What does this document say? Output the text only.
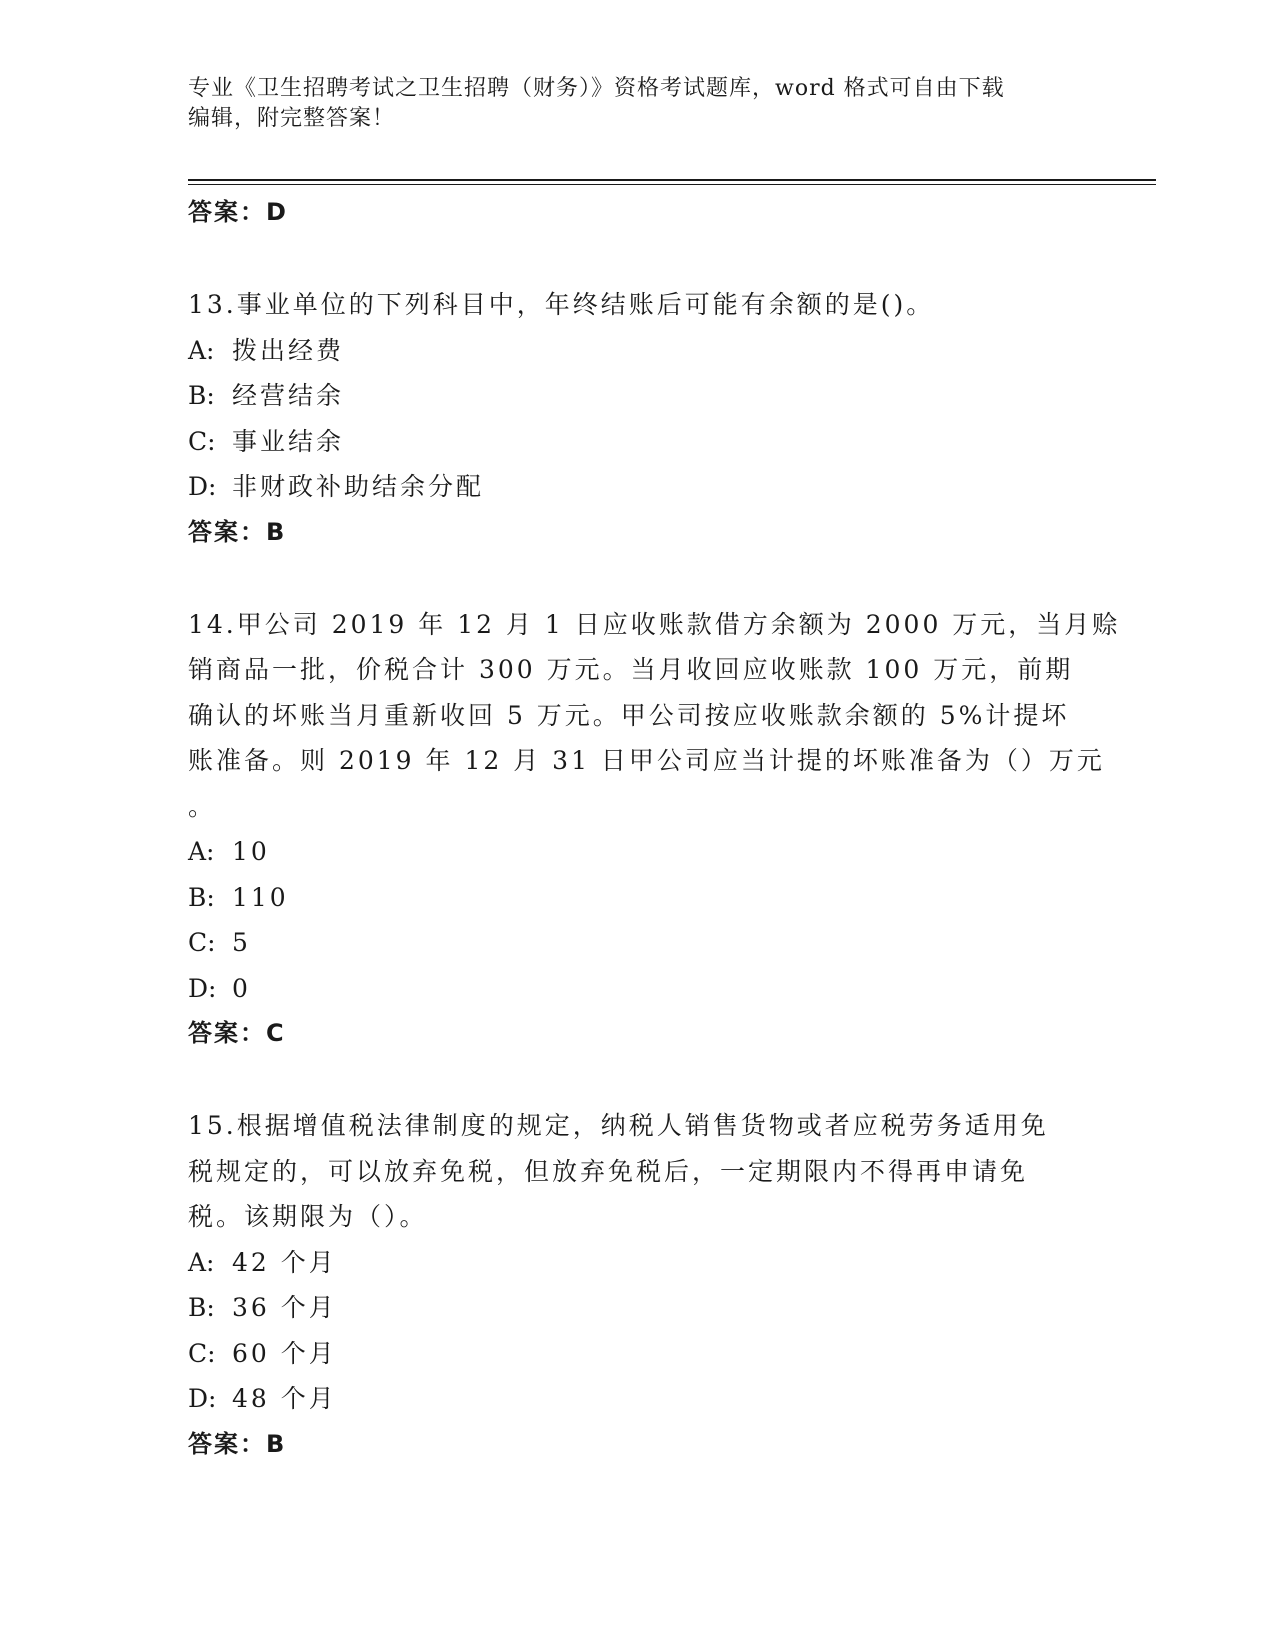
专业《卫生招聘考试之卫生招聘（财务）》资格考试题库，word 格式可自由下载
编辑，附完整答案！
答案：D
13.事业单位的下列科目中，年终结账后可能有余额的是()。
A: 拨出经费
B: 经营结余
C: 事业结余
D: 非财政补助结余分配
答案：B
14.甲公司 2019 年 12 月 1 日应收账款借方余额为 2000 万元，当月赊
销商品一批，价税合计 300 万元。当月收回应收账款 100 万元，前期
确认的坏账当月重新收回 5 万元。甲公司按应收账款余额的 5%计提坏
账准备。则 2019 年 12 月 31 日甲公司应当计提的坏账准备为（）万元
。
A: 10
B: 110
C: 5
D: 0
答案：C
15.根据增值税法律制度的规定，纳税人销售货物或者应税劳务适用免
税规定的，可以放弃免税，但放弃免税后，一定期限内不得再申请免
税。该期限为（）。
A: 42 个月
B: 36 个月
C: 60 个月
D: 48 个月
答案：B
